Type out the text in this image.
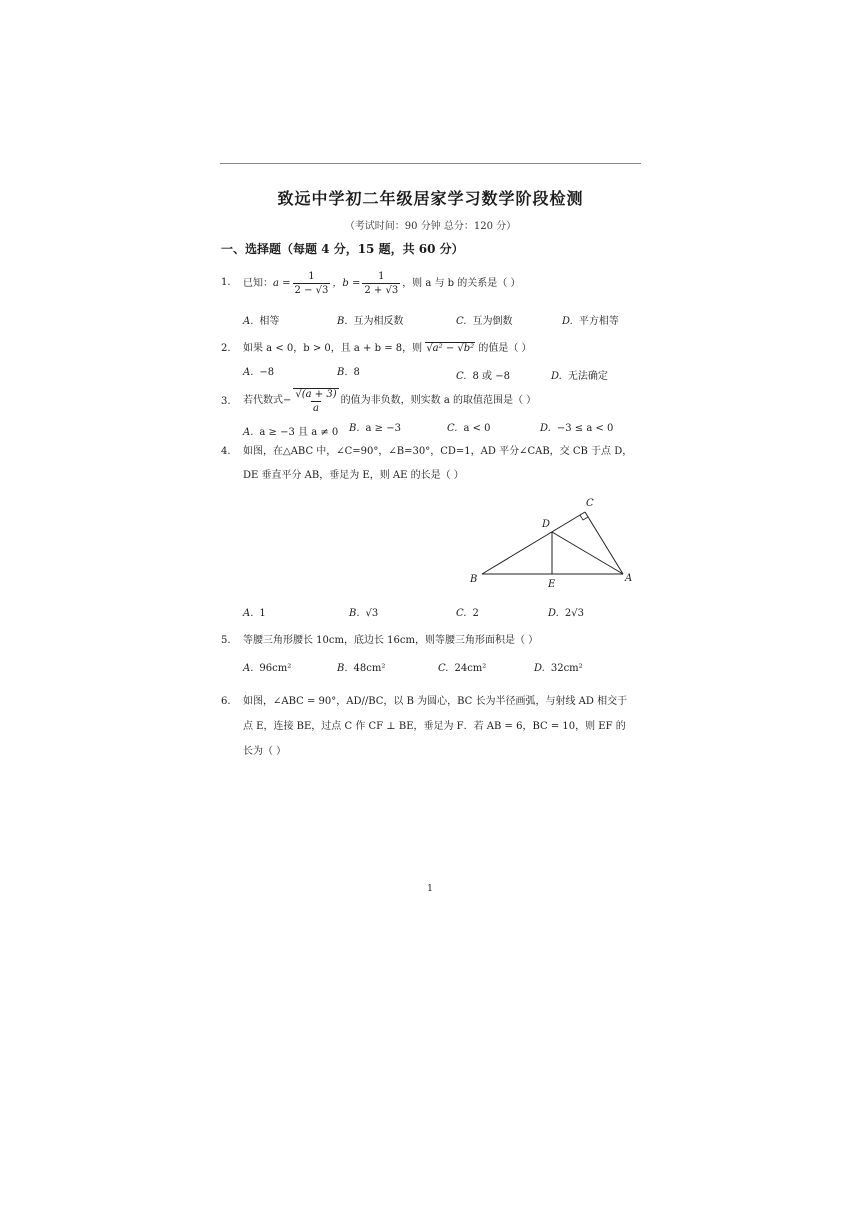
致远中学初二年级居家学习数学阶段检测
（考试时间：90 分钟 总分：120 分）
一、选择题（每题 4 分，15 题，共 60 分）
1. 已知： $a = \frac{1}{2 - √3}$ ，$b = \frac{1}{2 + √3}$ ，则 a 与 b 的关系是（ ）
A. 相等	B. 互为相反数	C. 互为倒数	D. 平方相等
2. 如果 a < 0，b > 0，且 a + b = 8，则 √a² − √b² 的值是（ ）
A. −8	B. 8	C. 8 或 −8	D. 无法确定
3. 若代数式 − $\frac{√(a + 3)}{a}$ 的值为非负数，则实数 a 的取值范围是（ ）
A. a ≥ −3 且 a ≠ 0 B. a ≥ −3	C. a < 0	D. −3 ≤ a < 0
4. 如图，在△ABC 中，∠C=90°，∠B=30°，CD=1，AD 平分∠CAB，交 CB 于点 D，
DE 垂直平分 AB，垂足为 E，则 AE 的长是（ ）
B	E
A
C
D
A. 1	B. √3	C. 2	D. 2√3
5. 等腰三角形腰长 10cm，底边长 16cm，则等腰三角形面积是（ ）
A. 96cm²	B. 48cm²	C. 24cm²	D. 32cm²
6. 如图，∠ABC = 90°，AD//BC，以 B 为圆心，BC 长为半径画弧，与射线 AD 相交于
点 E，连接 BE，过点 C 作 CF ⊥ BE，垂足为 F．若 AB = 6，BC = 10，则 EF 的
长为（ ）
1
